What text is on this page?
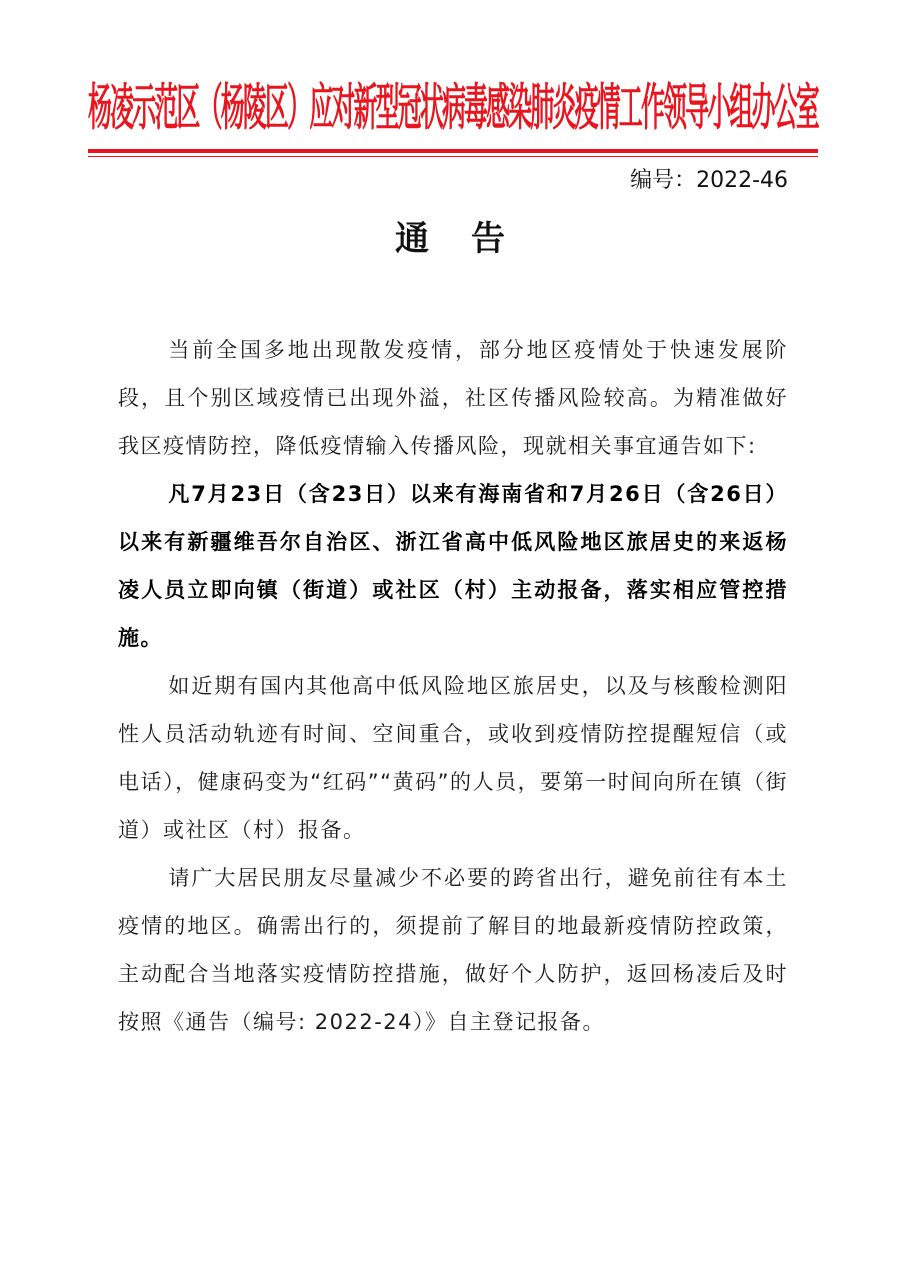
杨凌示范区（杨陵区）应对新型冠状病毒感染肺炎疫情工作领导小组办公室
编号：2022-46
通告

当前全国多地出现散发疫情，部分地区疫情处于快速发展阶段，且个别区域疫情已出现外溢，社区传播风险较高。为精准做好我区疫情防控，降低疫情输入传播风险，现就相关事宜通告如下:

凡7月23日（含23日）以来有海南省和7月26日（含26日）以来有新疆维吾尔自治区、浙江省高中低风险地区旅居史的来返杨凌人员立即向镇（街道）或社区（村）主动报备，落实相应管控措施。

如近期有国内其他高中低风险地区旅居史，以及与核酸检测阳性人员活动轨迹有时间、空间重合，或收到疫情防控提醒短信（或电话），健康码变为“红码”“黄码”的人员，要第一时间向所在镇（街道）或社区（村）报备。

请广大居民朋友尽量减少不必要的跨省出行，避免前往有本土疫情的地区。确需出行的，须提前了解目的地最新疫情防控政策，主动配合当地落实疫情防控措施，做好个人防护，返回杨凌后及时按照《通告（编号: 2022-24）》自主登记报备。
